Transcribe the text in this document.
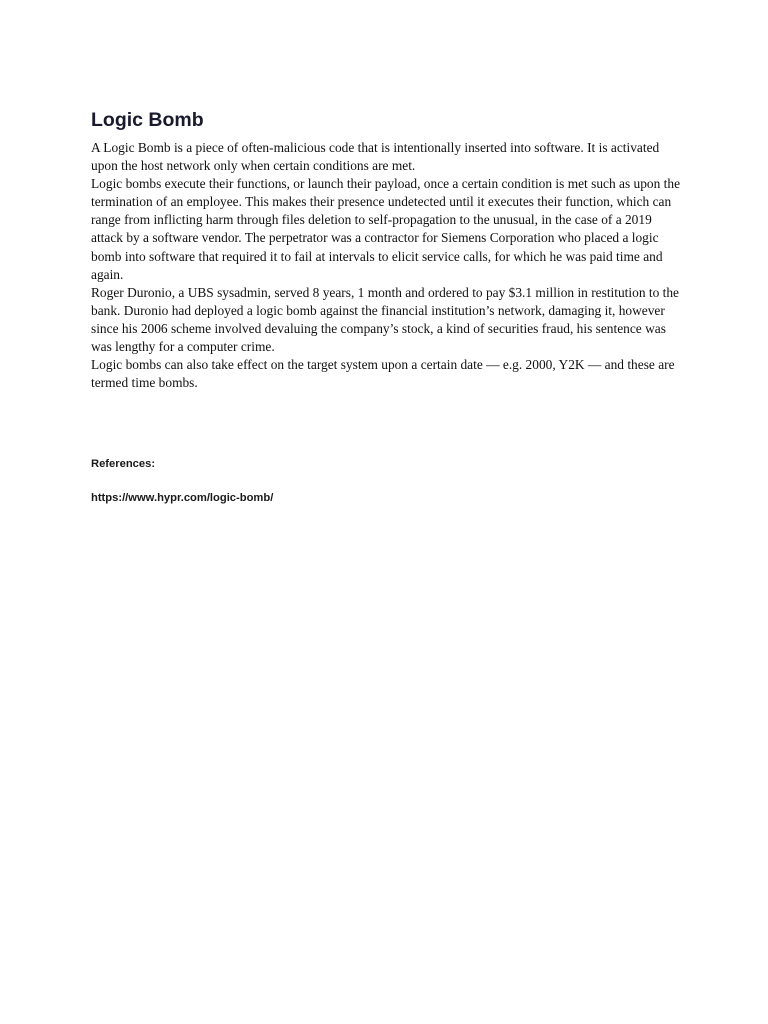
Logic Bomb

A Logic Bomb is a piece of often-malicious code that is intentionally inserted into software. It is activated upon the host network only when certain conditions are met.

Logic bombs execute their functions, or launch their payload, once a certain condition is met such as upon the termination of an employee. This makes their presence undetected until it executes their function, which can range from inflicting harm through files deletion to self-propagation to the unusual, in the case of a 2019 attack by a software vendor. The perpetrator was a contractor for Siemens Corporation who placed a logic bomb into software that required it to fail at intervals to elicit service calls, for which he was paid time and again.

Roger Duronio, a UBS sysadmin, served 8 years, 1 month and ordered to pay $3.1 million in restitution to the bank. Duronio had deployed a logic bomb against the financial institution’s network, damaging it, however since his 2006 scheme involved devaluing the company’s stock, a kind of securities fraud, his sentence was was lengthy for a computer crime.

Logic bombs can also take effect on the target system upon a certain date — e.g. 2000, Y2K — and these are termed time bombs.

References:

https://www.hypr.com/logic-bomb/
